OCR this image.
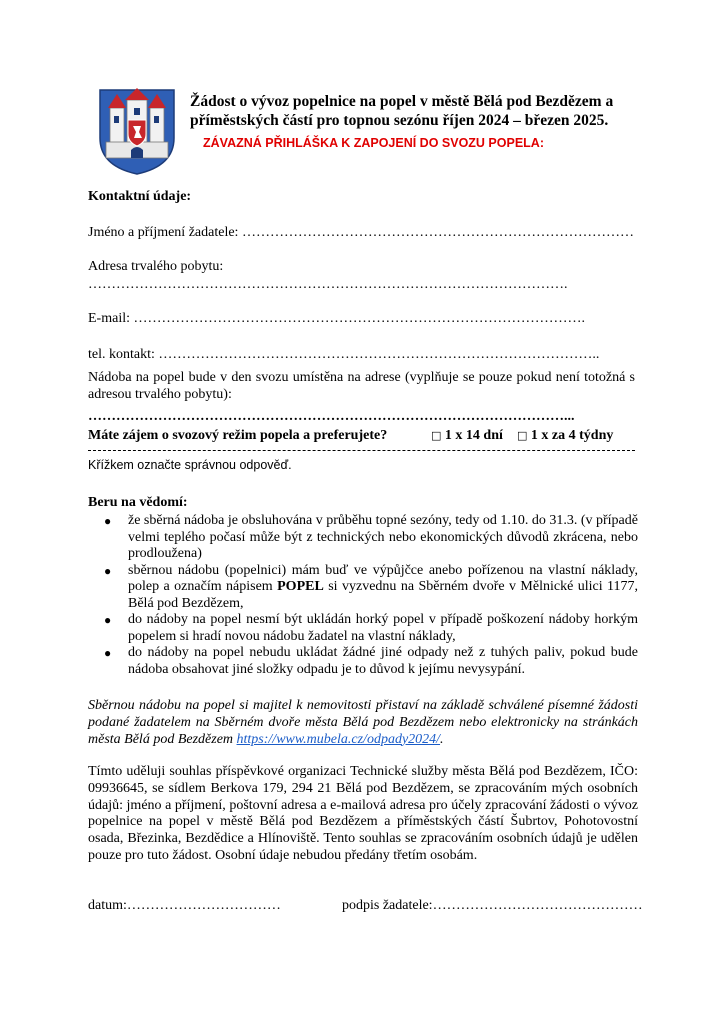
Žádost o vývoz popelnice na popel v městě Bělá pod Bezdězem a příměstských částí pro topnou sezónu říjen 2024 – březen 2025.
ZÁVAZNÁ PŘIHLÁŠKA K ZAPOJENÍ DO SVOZU POPELA:
Kontaktní údaje:
Jméno a příjmení žadatele: …………………………………………………………………………
Adresa trvalého pobytu:
………………………………………………………………………………………….
E-mail: …………………………………………………………………………………….
tel. kontakt: …………………………………………………………………………………..
Nádoba na popel bude v den svozu umístěna na adrese (vyplňuje se pouze pokud není totožná s adresou trvalého pobytu):
…………………………………………………………………………………………...
Máte zájem o svozový režim popela a preferujete?	□ 1 x 14 dní □ 1 x za 4 týdny
Křížkem označte správnou odpověď.
Beru na vědomí:
● že sběrná nádoba je obsluhována v průběhu topné sezóny, tedy od 1.10. do 31.3. (v případě velmi teplého počasí může být z technických nebo ekonomických důvodů zkrácena, nebo prodloužena)
● sběrnou nádobu (popelnici) mám buď ve výpůjčce anebo pořízenou na vlastní náklady, polep a označím nápisem POPEL si vyzvednu na Sběrném dvoře v Mělnické ulici 1177, Bělá pod Bezdězem,
● do nádoby na popel nesmí být ukládán horký popel v případě poškození nádoby horkým popelem si hradí novou nádobu žadatel na vlastní náklady,
● do nádoby na popel nebudu ukládat žádné jiné odpady než z tuhých paliv, pokud bude nádoba obsahovat jiné složky odpadu je to důvod k jejímu nevysypání.
Sběrnou nádobu na popel si majitel k nemovitosti přistaví na základě schválené písemné žádosti podané žadatelem na Sběrném dvoře města Bělá pod Bezdězem nebo elektronicky na stránkách města Bělá pod Bezdězem https://www.mubela.cz/odpady2024/.
Tímto uděluji souhlas příspěvkové organizaci Technické služby města Bělá pod Bezdězem, IČO: 09936645, se sídlem Berkova 179, 294 21 Bělá pod Bezdězem, se zpracováním mých osobních údajů: jméno a příjmení, poštovní adresa a e-mailová adresa pro účely zpracování žádosti o vývoz popelnice na popel v městě Bělá pod Bezdězem a příměstských částí Šubrtov, Pohotovostní osada, Březinka, Bezdědice a Hlínoviště. Tento souhlas se zpracováním osobních údajů je udělen pouze pro tuto žádost. Osobní údaje nebudou předány třetím osobám.
datum:……………………………	podpis žadatele:………………………………………
